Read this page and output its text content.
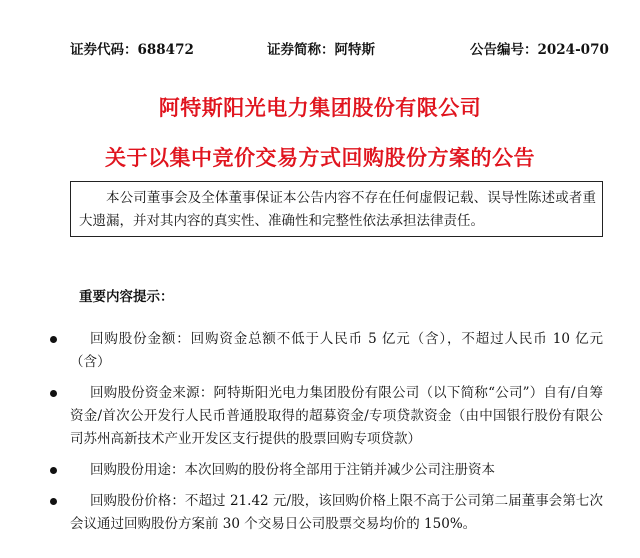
证券代码：688472	证券简称：阿特斯	公告编号：2024-070
阿特斯阳光电力集团股份有限公司
关于以集中竞价交易方式回购股份方案的公告
本公司董事会及全体董事保证本公告内容不存在任何虚假记载、误导性陈述或者重大遗漏，并对其内容的真实性、准确性和完整性依法承担法律责任。
重要内容提示：
回购股份金额：回购资金总额不低于人民币 5 亿元（含），不超过人民币 10 亿元（含）
回购股份资金来源：阿特斯阳光电力集团股份有限公司（以下简称“公司”）自有/自筹资金/首次公开发行人民币普通股取得的超募资金/专项贷款资金（由中国银行股份有限公司苏州高新技术产业开发区支行提供的股票回购专项贷款）
回购股份用途：本次回购的股份将全部用于注销并减少公司注册资本
回购股份价格：不超过 21.42 元/股，该回购价格上限不高于公司第二届董事会第七次会议通过回购股份方案前 30 个交易日公司股票交易均价的 150%。
